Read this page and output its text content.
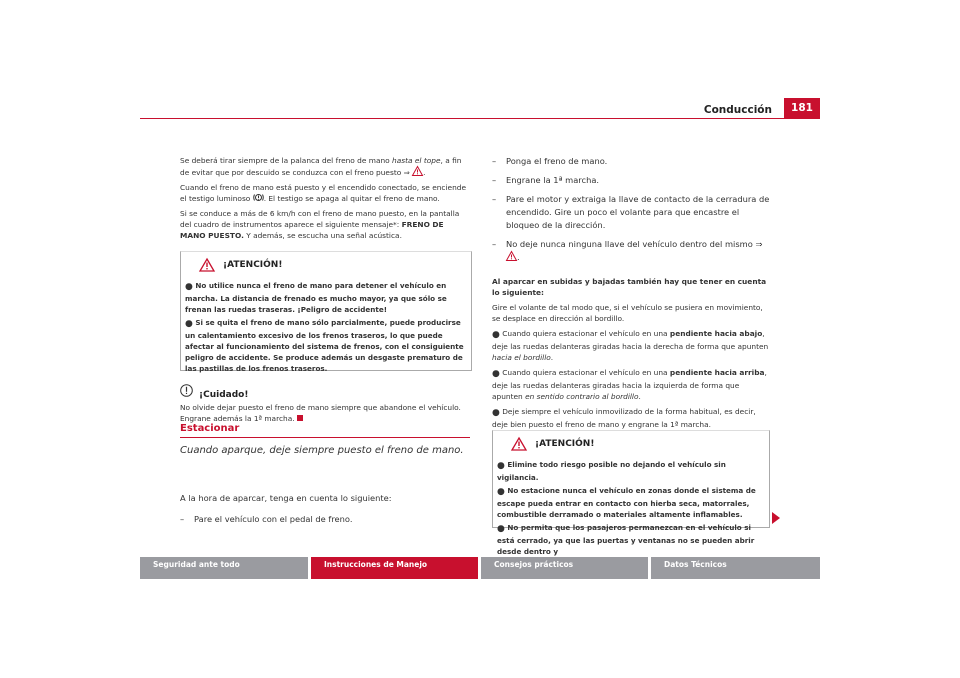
Conducción	181

Se deberá tirar siempre de la palanca del freno de mano hasta el tope, a fin de evitar que por descuido se conduzca con el freno puesto ⇒ .

Cuando el freno de mano está puesto y el encendido conectado, se enciende el testigo luminoso . El testigo se apaga al quitar el freno de mano.

Si se conduce a más de 6 km/h con el freno de mano puesto, en la pantalla del cuadro de instrumentos aparece el siguiente mensaje*: FRENO DE MANO PUESTO. Y además, se escucha una señal acústica.

¡ATENCIÓN!

● No utilice nunca el freno de mano para detener el vehículo en marcha. La distancia de frenado es mucho mayor, ya que sólo se frenan las ruedas traseras. ¡Peligro de accidente!

● Si se quita el freno de mano sólo parcialmente, puede producirse un calentamiento excesivo de los frenos traseros, lo que puede afectar al funcionamiento del sistema de frenos, con el consiguiente peligro de accidente. Se produce además un desgaste prematuro de las pastillas de los frenos traseros.

¡Cuidado!
No olvide dejar puesto el freno de mano siempre que abandone el vehículo. Engrane además la 1ª marcha.
Estacionar
Cuando aparque, deje siempre puesto el freno de mano.
A la hora de aparcar, tenga en cuenta lo siguiente:
–	Pare el vehículo con el pedal de freno.
–	Ponga el freno de mano.
–	Engrane la 1ª marcha.
–	Pare el motor y extraiga la llave de contacto de la cerradura de encendido. Gire un poco el volante para que encastre el bloqueo de la dirección.
–	No deje nunca ninguna llave del vehículo dentro del mismo ⇒ .

Al aparcar en subidas y bajadas también hay que tener en cuenta lo siguiente:

Gire el volante de tal modo que, si el vehículo se pusiera en movimiento, se desplace en dirección al bordillo.

● Cuando quiera estacionar el vehículo en una pendiente hacia abajo, deje las ruedas delanteras giradas hacia la derecha de forma que apunten hacia el bordillo.

● Cuando quiera estacionar el vehículo en una pendiente hacia arriba, deje las ruedas delanteras giradas hacia la izquierda de forma que apunten en sentido contrario al bordillo.

● Deje siempre el vehículo inmovilizado de la forma habitual, es decir, deje bien puesto el freno de mano y engrane la 1ª marcha.

¡ATENCIÓN!

● Elimine todo riesgo posible no dejando el vehículo sin vigilancia.

● No estacione nunca el vehículo en zonas donde el sistema de escape pueda entrar en contacto con hierba seca, matorrales, combustible derramado o materiales altamente inflamables.

● No permita que los pasajeros permanezcan en el vehículo si está cerrado, ya que las puertas y ventanas no se pueden abrir desde dentro y

Seguridad ante todo	Instrucciones de Manejo	Consejos prácticos	Datos Técnicos
